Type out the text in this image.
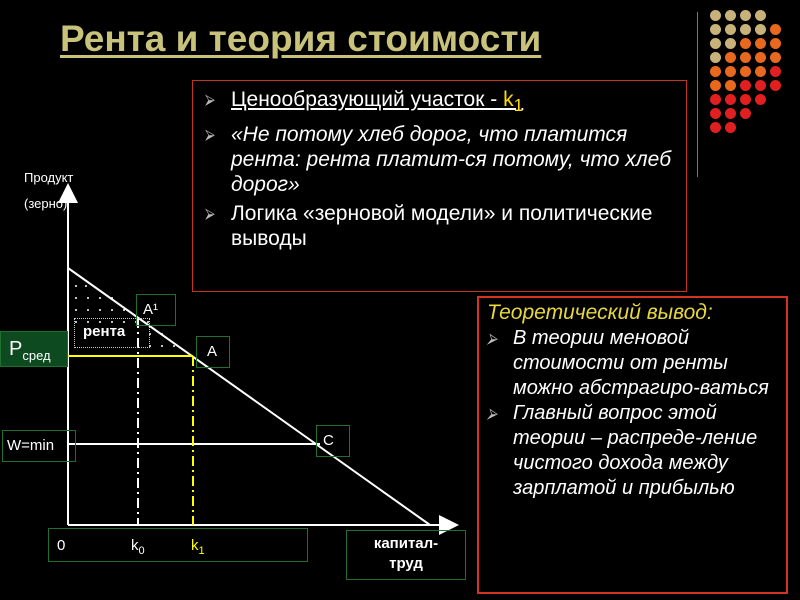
Рента и теория стоимости
⮚ Ценообразующий участок - $k_1$
⮚ «Не потому хлеб дорог, что платится рента: рента платит-ся потому, что хлеб дорог»
⮚ Логика «зерновой модели» и политические выводы
Теоретический вывод:
⮚ В теории меновой стоимости от ренты можно абстрагиро-ваться
⮚ Главный вопрос этой теории – распреде-ление чистого дохода между зарплатой и прибылью
Продукт
(зерно)
A
$P_{сред}$
W=min
A¹
рента
A
C
0	$k_0$	$k_1$	капитал-
труд
